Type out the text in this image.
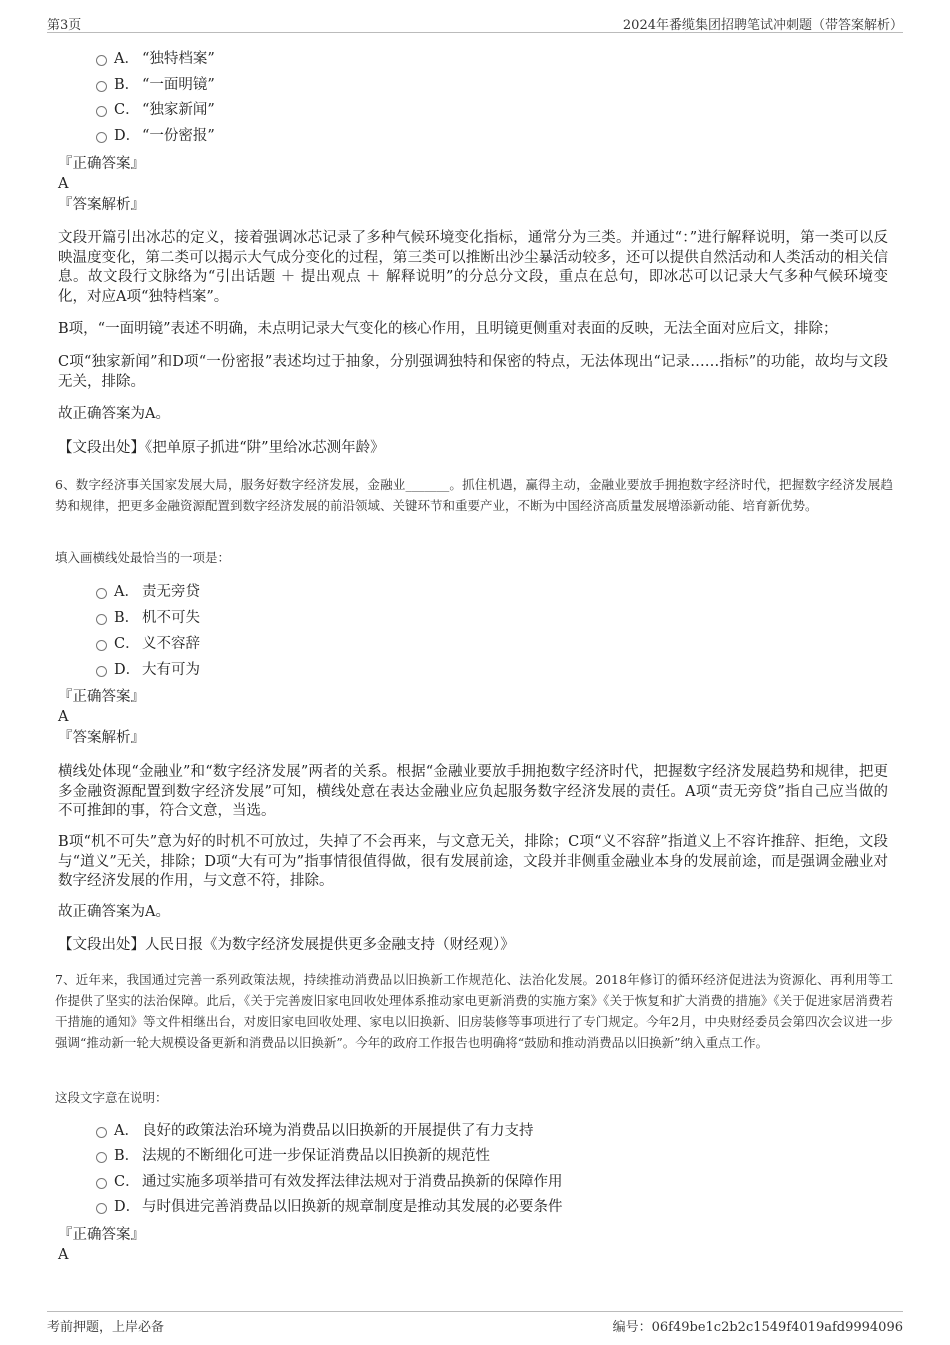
第3页	2024年番缆集团招聘笔试冲刺题（带答案解析）
A． “独特档案”
B． “一面明镜”
C． “独家新闻”
D． “一份密报”
『正确答案』
A
『答案解析』

文段开篇引出冰芯的定义，接着强调冰芯记录了多种气候环境变化指标，通常分为三类。并通过“：”进行解释说明，第一类可以反映温度变化，第二类可以揭示大气成分变化的过程，第三类可以推断出沙尘暴活动较多，还可以提供自然活动和人类活动的相关信息。故文段行文脉络为“引出话题 ＋ 提出观点 ＋ 解释说明”的分总分文段，重点在总句，即冰芯可以记录大气多种气候环境变化，对应A项“独特档案”。

B项，“一面明镜”表述不明确，未点明记录大气变化的核心作用，且明镜更侧重对表面的反映，无法全面对应后文，排除；

C项“独家新闻”和D项“一份密报”表述均过于抽象，分别强调独特和保密的特点，无法体现出“记录……指标”的功能，故均与文段无关，排除。

故正确答案为A。

【文段出处】《把单原子抓进“阱”里给冰芯测年龄》

6、数字经济事关国家发展大局，服务好数字经济发展，金融业_______。抓住机遇，赢得主动，金融业要放手拥抱数字经济时代，把握数字经济发展趋势和规律，把更多金融资源配置到数字经济发展的前沿领域、关键环节和重要产业，不断为中国经济高质量发展增添新动能、培育新优势。

填入画横线处最恰当的一项是：
A． 责无旁贷
B． 机不可失
C． 义不容辞
D． 大有可为
『正确答案』
A
『答案解析』

横线处体现“金融业”和“数字经济发展”两者的关系。根据“金融业要放手拥抱数字经济时代，把握数字经济发展趋势和规律，把更多金融资源配置到数字经济发展”可知，横线处意在表达金融业应负起服务数字经济发展的责任。A项“责无旁贷”指自己应当做的不可推卸的事，符合文意，当选。

B项“机不可失”意为好的时机不可放过，失掉了不会再来，与文意无关，排除；C项“义不容辞”指道义上不容许推辞、拒绝，文段与“道义”无关，排除；D项“大有可为”指事情很值得做，很有发展前途，文段并非侧重金融业本身的发展前途，而是强调金融业对数字经济发展的作用，与文意不符，排除。

故正确答案为A。

【文段出处】人民日报《为数字经济发展提供更多金融支持（财经观）》

7、近年来，我国通过完善一系列政策法规，持续推动消费品以旧换新工作规范化、法治化发展。2018年修订的循环经济促进法为资源化、再利用等工作提供了坚实的法治保障。此后，《关于完善废旧家电回收处理体系推动家电更新消费的实施方案》《关于恢复和扩大消费的措施》《关于促进家居消费若干措施的通知》等文件相继出台，对废旧家电回收处理、家电以旧换新、旧房装修等事项进行了专门规定。今年2月，中央财经委员会第四次会议进一步强调“推动新一轮大规模设备更新和消费品以旧换新”。今年的政府工作报告也明确将“鼓励和推动消费品以旧换新”纳入重点工作。

这段文字意在说明：
A． 良好的政策法治环境为消费品以旧换新的开展提供了有力支持
B． 法规的不断细化可进一步保证消费品以旧换新的规范性
C． 通过实施多项举措可有效发挥法律法规对于消费品换新的保障作用
D． 与时俱进完善消费品以旧换新的规章制度是推动其发展的必要条件
『正确答案』
A
考前押题，上岸必备	编号：06f49be1c2b2c1549f4019afd9994096
